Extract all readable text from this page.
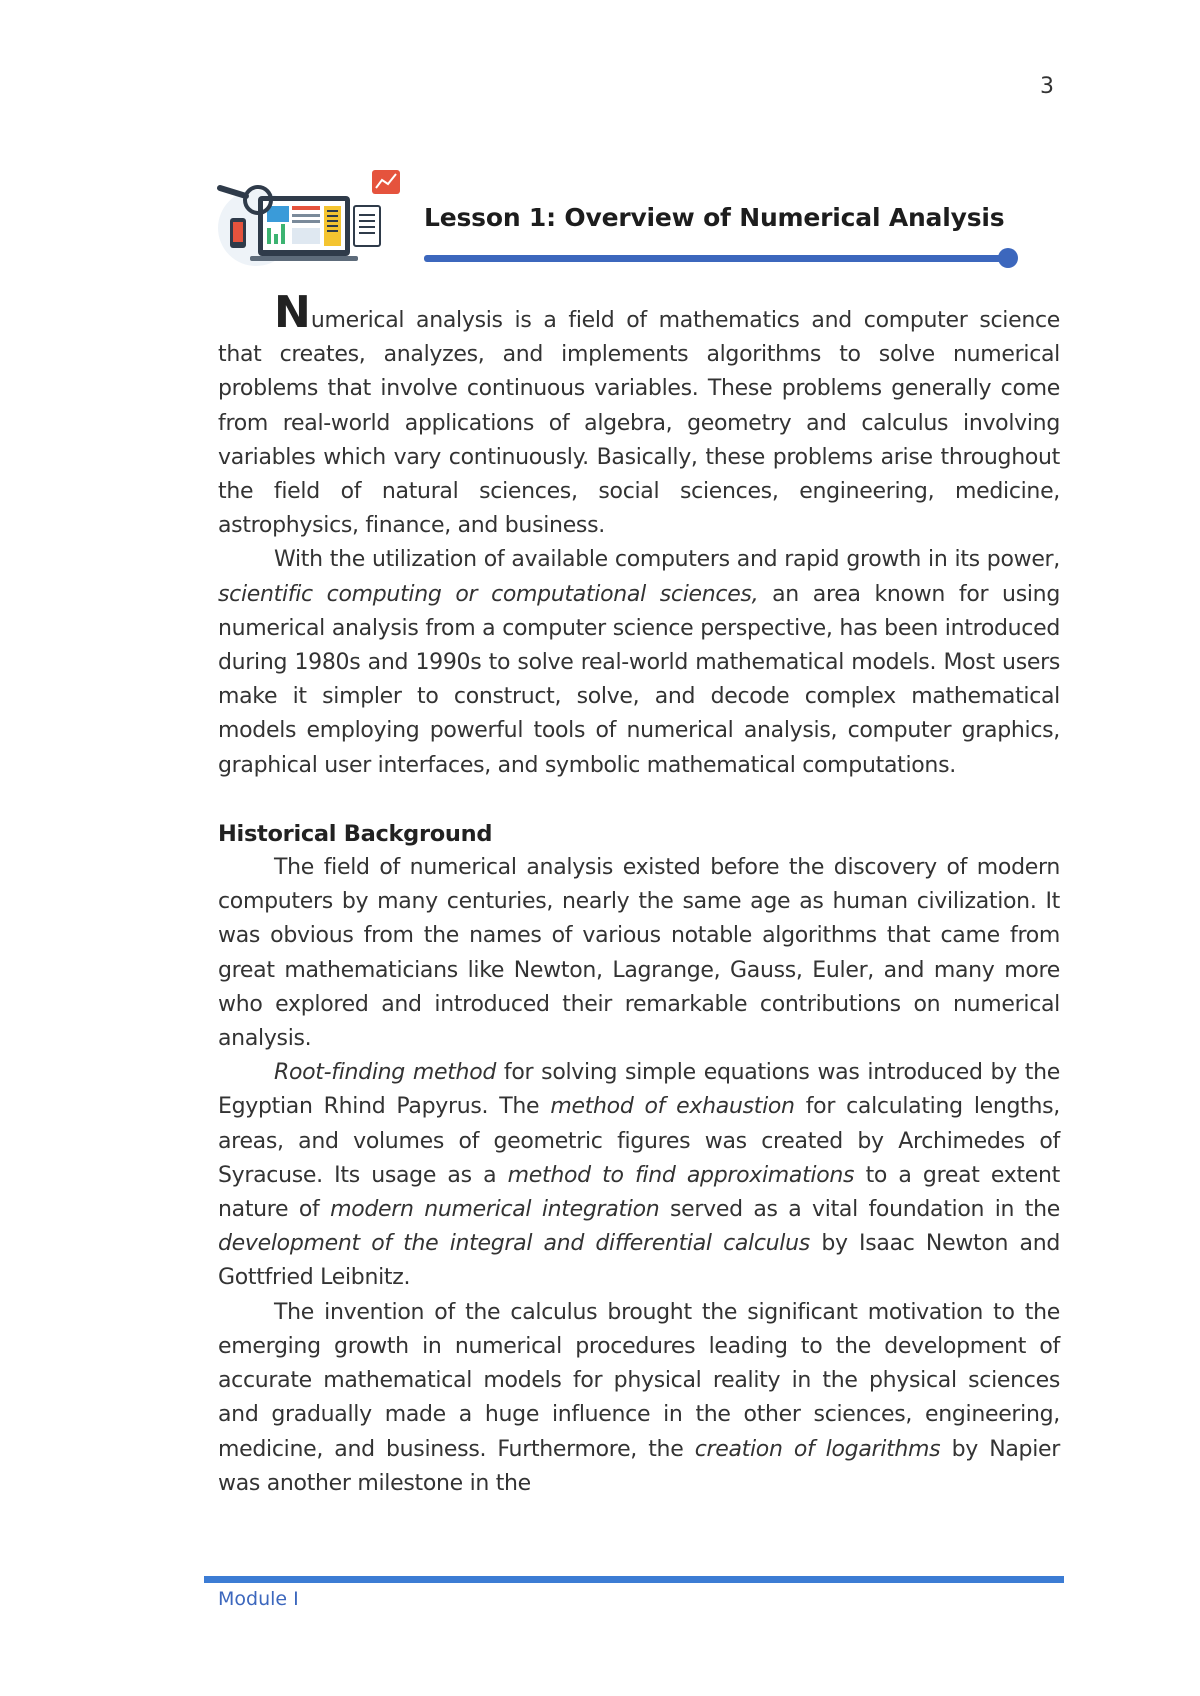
3
Lesson 1: Overview of Numerical Analysis

Numerical analysis is a field of mathematics and computer science that creates, analyzes, and implements algorithms to solve numerical problems that involve continuous variables. These problems generally come from real-world applications of algebra, geometry and calculus involving variables which vary continuously. Basically, these problems arise throughout the field of natural sciences, social sciences, engineering, medicine, astrophysics, finance, and business.

With the utilization of available computers and rapid growth in its power, scientific computing or computational sciences, an area known for using numerical analysis from a computer science perspective, has been introduced during 1980s and 1990s to solve real-world mathematical models. Most users make it simpler to construct, solve, and decode complex mathematical models employing powerful tools of numerical analysis, computer graphics, graphical user interfaces, and symbolic mathematical computations.

Historical Background

The field of numerical analysis existed before the discovery of modern computers by many centuries, nearly the same age as human civilization. It was obvious from the names of various notable algorithms that came from great mathematicians like Newton, Lagrange, Gauss, Euler, and many more who explored and introduced their remarkable contributions on numerical analysis.

Root-finding method for solving simple equations was introduced by the Egyptian Rhind Papyrus. The method of exhaustion for calculating lengths, areas, and volumes of geometric figures was created by Archimedes of Syracuse. Its usage as a method to find approximations to a great extent nature of modern numerical integration served as a vital foundation in the development of the integral and differential calculus by Isaac Newton and Gottfried Leibnitz.

The invention of the calculus brought the significant motivation to the emerging growth in numerical procedures leading to the development of accurate mathematical models for physical reality in the physical sciences and gradually made a huge influence in the other sciences, engineering, medicine, and business. Furthermore, the creation of logarithms by Napier was another milestone in the

Module I
